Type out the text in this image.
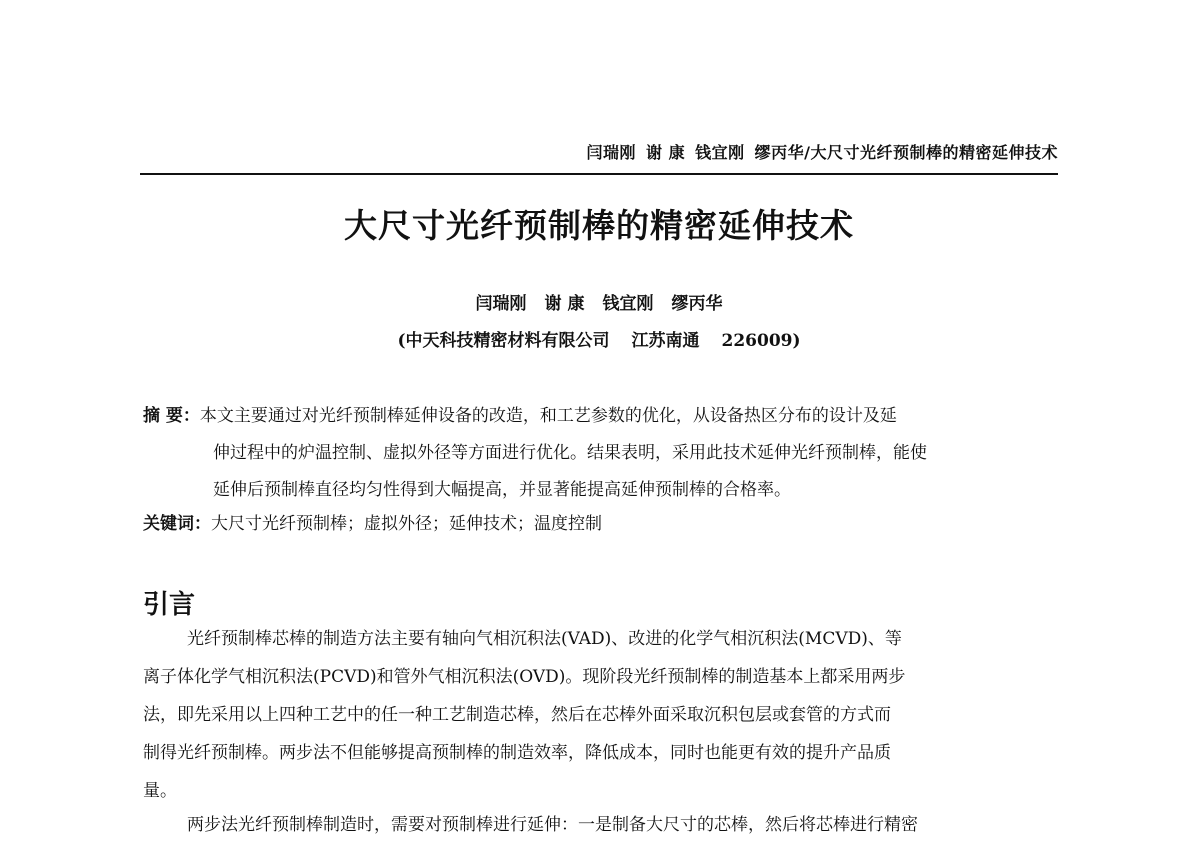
闫瑞刚 谢 康 钱宜刚 缪丙华/大尺寸光纤预制棒的精密延伸技术
大尺寸光纤预制棒的精密延伸技术
闫瑞刚 谢 康 钱宜刚 缪丙华
(中天科技精密材料有限公司 江苏南通 226009)
摘 要：本文主要通过对光纤预制棒延伸设备的改造，和工艺参数的优化，从设备热区分布的设计及延
伸过程中的炉温控制、虚拟外径等方面进行优化。结果表明，采用此技术延伸光纤预制棒，能使
延伸后预制棒直径均匀性得到大幅提高，并显著能提高延伸预制棒的合格率。
关键词：大尺寸光纤预制棒；虚拟外径；延伸技术；温度控制
引言
光纤预制棒芯棒的制造方法主要有轴向气相沉积法(VAD)、改进的化学气相沉积法(MCVD)、等
离子体化学气相沉积法(PCVD)和管外气相沉积法(OVD)。现阶段光纤预制棒的制造基本上都采用两步
法，即先采用以上四种工艺中的任一种工艺制造芯棒，然后在芯棒外面采取沉积包层或套管的方式而
制得光纤预制棒。两步法不但能够提高预制棒的制造效率，降低成本，同时也能更有效的提升产品质
量。
两步法光纤预制棒制造时，需要对预制棒进行延伸：一是制备大尺寸的芯棒，然后将芯棒进行精密
